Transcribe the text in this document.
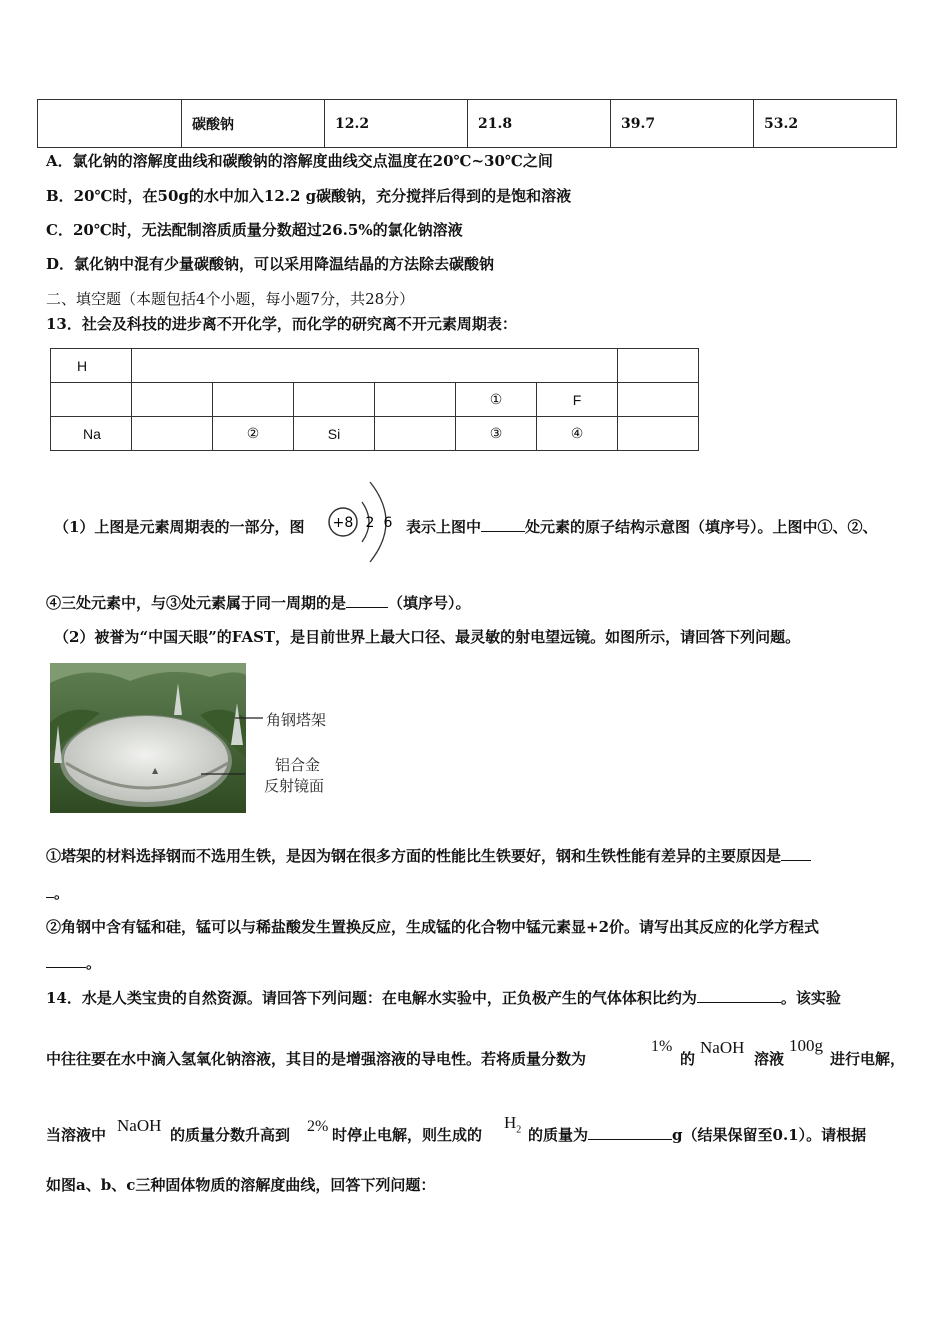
	碳酸钠	12.2	21.8	39.7	53.2
A．氯化钠的溶解度曲线和碳酸钠的溶解度曲线交点温度在20℃~30℃之间
B．20℃时，在50g的水中加入12.2 g碳酸钠，充分搅拌后得到的是饱和溶液
C．20℃时，无法配制溶质质量分数超过26.5%的氯化钠溶液
D．氯化钠中混有少量碳酸钠，可以采用降温结晶的方法除去碳酸钠
二、填空题（本题包括4个小题，每小题7分，共28分）
13．社会及科技的进步离不开化学，而化学的研究离不开元素周期表：
H							
					①	F	
Na		②	Si		③	④	
（1）上图是元素周期表的一部分，图 +8 2 6 表示上图中	处元素的原子结构示意图（填序号）。上图中①、②、
④三处元素中，与③处元素属于同一周期的是	（填序号）。
（2）被誉为“中国天眼”的FAST，是目前世界上最大口径、最灵敏的射电望远镜。如图所示，请回答下列问题。
▲
角钢塔架
铝合金
反射镜面
①塔架的材料选择钢而不选用生铁，是因为钢在很多方面的性能比生铁要好，钢和生铁性能有差异的主要原因是
。
②角钢中含有锰和硅，锰可以与稀盐酸发生置换反应，生成锰的化合物中锰元素显+2价。请写出其反应的化学方程式
。
14．水是人类宝贵的自然资源。请回答下列问题：在电解水实验中，正负极产生的气体体积比约为	。该实验
中往往要在水中滴入氢氧化钠溶液，其目的是增强溶液的导电性。若将质量分数为
1%
的
NaOH
溶液
100g
进行电解，
当溶液中 NaOH 的质量分数升高到 2% 时停止电解，则生成的
$H_2$ 的质量为	g（结果保留至0.1）。请根据
如图a、b、c三种固体物质的溶解度曲线，回答下列问题：
